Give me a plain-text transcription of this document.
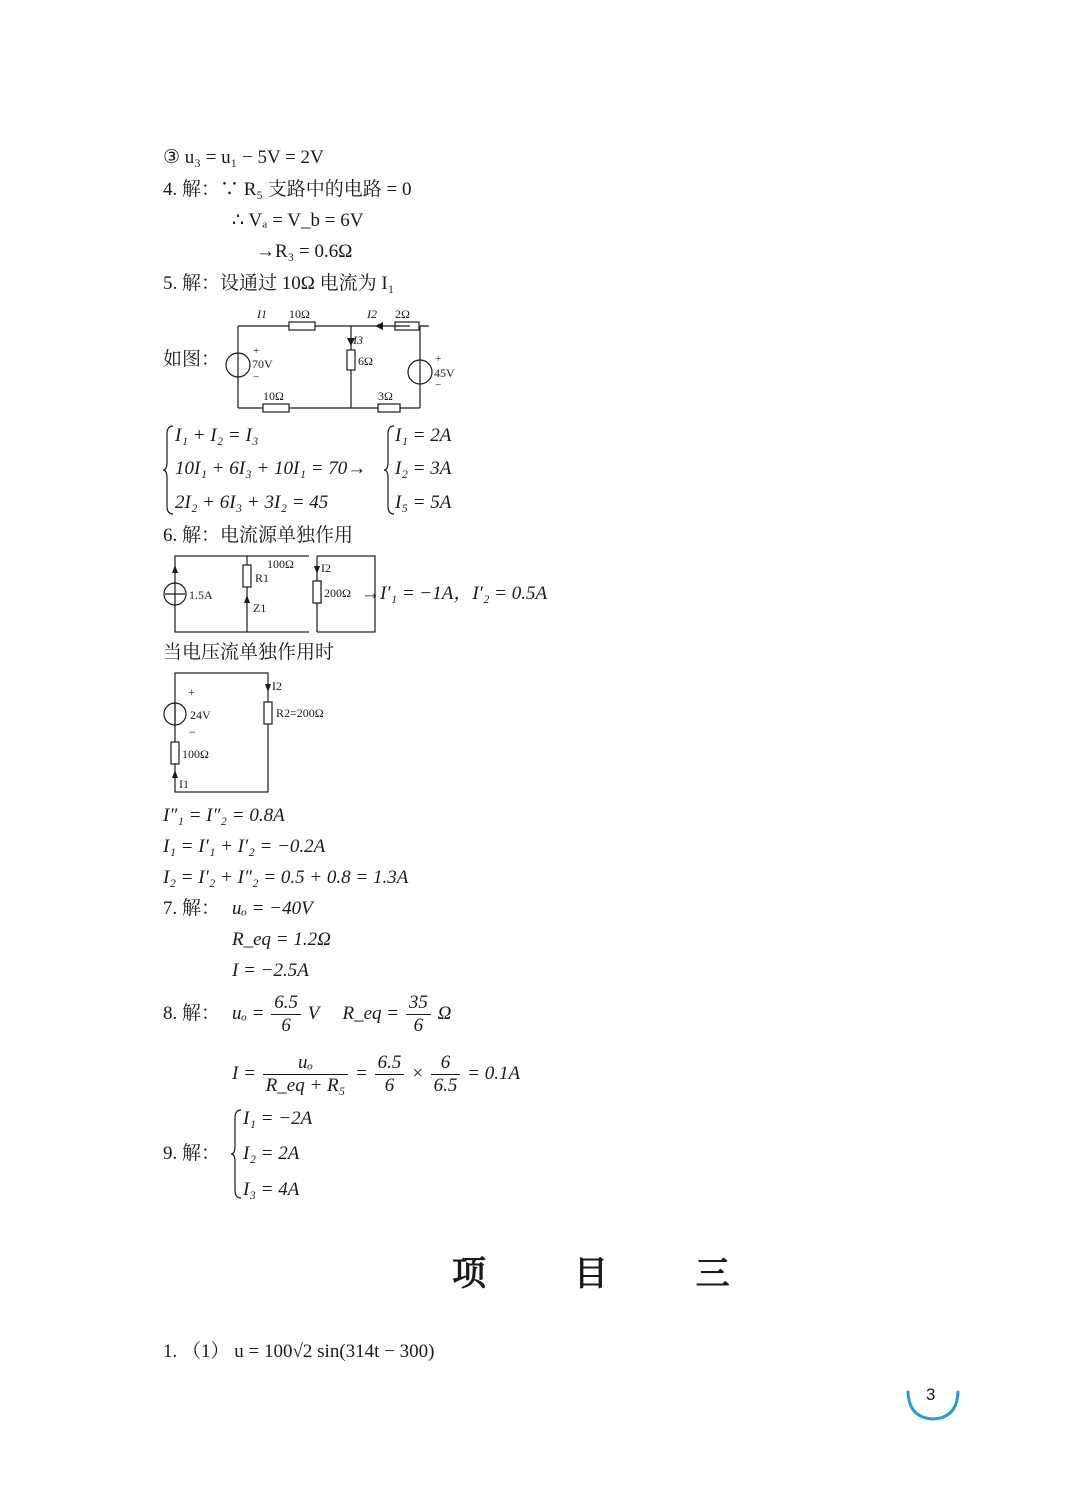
③ u₃ = u₁ − 5V = 2V
4. 解：∵ R₅ 支路中的电路 = 0
∴ Vₐ = V_b = 6V
→R₃ = 0.6Ω
5. 解：设通过 10Ω 电流为 I₁
如图：
I1 10Ω	I2 2Ω
I3
6Ω
+
70V
−
+
45V
−
10Ω	3Ω
I₁ + I₂ = I₃
10I₁ + 6I₃ + 10I₁ = 70→
2I₂ + 6I₃ + 3I₂ = 45
I₁ = 2A
I₂ = 3A
I₅ = 5A
6. 解：电流源单独作用
1.5A
100Ω
R1
Z1
I2
200Ω →I′₁ = −1A，I′₂ = 0.5A
当电压流单独作用时
+
24V
−
100Ω
I1
I2
R2=200Ω
I″₁ = I″₂ = 0.8A
I₁ = I′₁ + I′₂ = −0.2A
I₂ = I′₂ + I″₂ = 0.5 + 0.8 = 1.3A
7. 解： uₒ = −40V
R_eq = 1.2Ω
I = −2.5A
8. 解： $u_o = \frac{6.5}{6}$ V R_eq = $\frac{35}{6}$ Ω
$I = \frac{\text{uₒ}}{\text{R\_eq + R₅}} = \frac{6.5}{6} \times \frac{6}{6.5} = 0.1A$
9. 解：
I₁ = −2A
I₂ = 2A
I₃ = 4A
项 目 三
1. （1） u = 100√2 sin(314t − 300)
3
